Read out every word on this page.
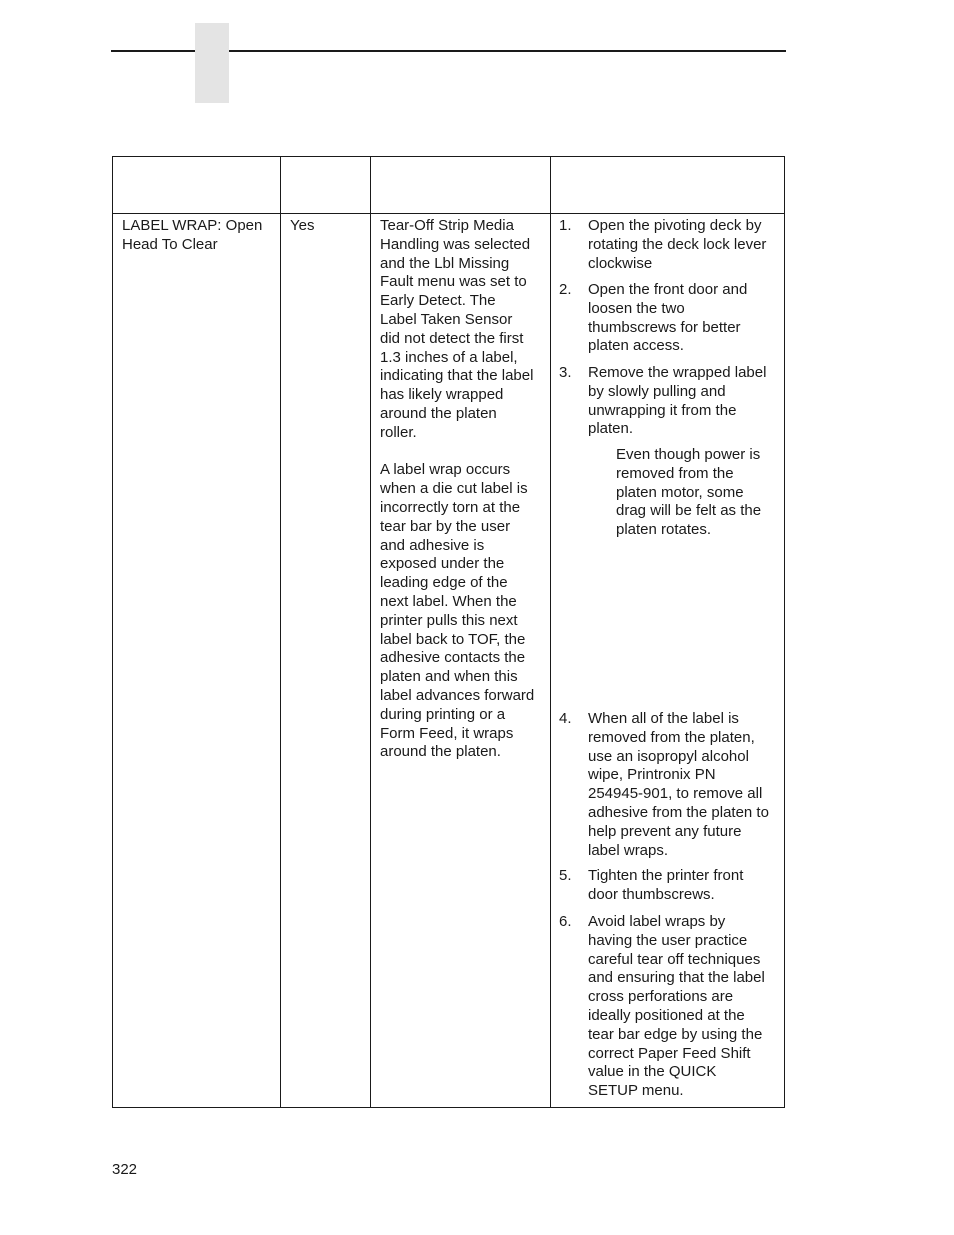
LABEL WRAP: Open
Head To Clear
Yes	Tear-Off Strip Media
Handling was selected
and the Lbl Missing
Fault menu was set to
Early Detect. The
Label Taken Sensor
did not detect the first
1.3 inches of a label,
indicating that the label
has likely wrapped
around the platen
roller.

A label wrap occurs
when a die cut label is
incorrectly torn at the
tear bar by the user
and adhesive is
exposed under the
leading edge of the
next label. When the
printer pulls this next
label back to TOF, the
adhesive contacts the
platen and when this
label advances forward
during printing or a
Form Feed, it wraps
around the platen.
1. Open the pivoting deck by
rotating the deck lock lever
clockwise
2. Open the front door and
loosen the two
thumbscrews for better
platen access.
3. Remove the wrapped label
by slowly pulling and
unwrapping it from the
platen.
Even though power is
removed from the
platen motor, some
drag will be felt as the
platen rotates.
4. When all of the label is
removed from the platen,
use an isopropyl alcohol
wipe, Printronix PN
254945-901, to remove all
adhesive from the platen to
help prevent any future
label wraps.
5. Tighten the printer front
door thumbscrews.
6. Avoid label wraps by
having the user practice
careful tear off techniques
and ensuring that the label
cross perforations are
ideally positioned at the
tear bar edge by using the
correct Paper Feed Shift
value in the QUICK
SETUP menu.
322
